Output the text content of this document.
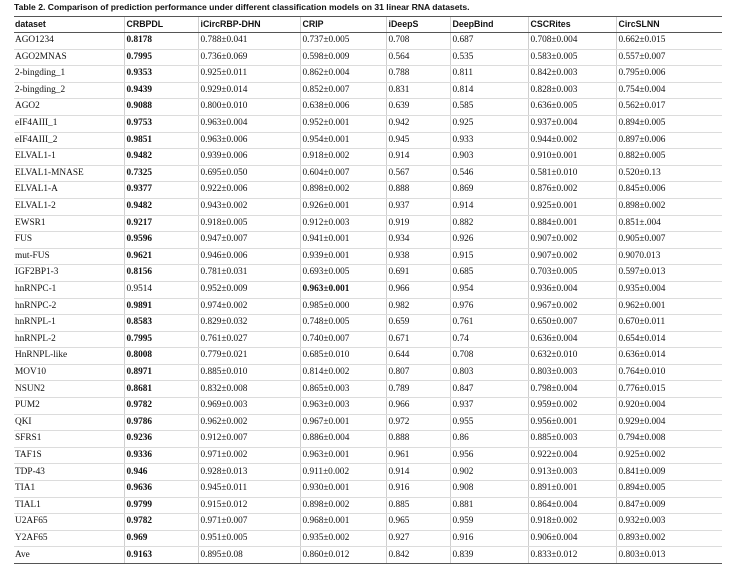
Table 2. Comparison of prediction performance under different classification models on 31 linear RNA datasets.
dataset	CRBPDL	iCircRBP-DHN	CRIP	iDeepS	DeepBind	CSCRites	CircSLNN
AGO1234	0.8178	0.788±0.041	0.737±0.005	0.708	0.687	0.708±0.004	0.662±0.015
AGO2MNAS	0.7995	0.736±0.069	0.598±0.009	0.564	0.535	0.583±0.005	0.557±0.007
2-bingding_1	0.9353	0.925±0.011	0.862±0.004	0.788	0.811	0.842±0.003	0.795±0.006
2-bingding_2	0.9439	0.929±0.014	0.852±0.007	0.831	0.814	0.828±0.003	0.754±0.004
AGO2	0.9088	0.800±0.010	0.638±0.006	0.639	0.585	0.636±0.005	0.562±0.017
eIF4AIII_1	0.9753	0.963±0.004	0.952±0.001	0.942	0.925	0.937±0.004	0.894±0.005
eIF4AIII_2	0.9851	0.963±0.006	0.954±0.001	0.945	0.933	0.944±0.002	0.897±0.006
ELVAL1-1	0.9482	0.939±0.006	0.918±0.002	0.914	0.903	0.910±0.001	0.882±0.005
ELVAL1-MNASE	0.7325	0.695±0.050	0.604±0.007	0.567	0.546	0.581±0.010	0.520±0.13
ELVAL1-A	0.9377	0.922±0.006	0.898±0.002	0.888	0.869	0.876±0.002	0.845±0.006
ELVAL1-2	0.9482	0.943±0.002	0.926±0.001	0.937	0.914	0.925±0.001	0.898±0.002
EWSR1	0.9217	0.918±0.005	0.912±0.003	0.919	0.882	0.884±0.001	0.851±.004
FUS	0.9596	0.947±0.007	0.941±0.001	0.934	0.926	0.907±0.002	0.905±0.007
mut-FUS	0.9621	0.946±0.006	0.939±0.001	0.938	0.915	0.907±0.002	0.9070.013
IGF2BP1-3	0.8156	0.781±0.031	0.693±0.005	0.691	0.685	0.703±0.005	0.597±0.013
hnRNPC-1	0.9514	0.952±0.009	0.963±0.001	0.966	0.954	0.936±0.004	0.935±0.004
hnRNPC-2	0.9891	0.974±0.002	0.985±0.000	0.982	0.976	0.967±0.002	0.962±0.001
hnRNPL-1	0.8583	0.829±0.032	0.748±0.005	0.659	0.761	0.650±0.007	0.670±0.011
hnRNPL-2	0.7995	0.761±0.027	0.740±0.007	0.671	0.74	0.636±0.004	0.654±0.014
HnRNPL-like	0.8008	0.779±0.021	0.685±0.010	0.644	0.708	0.632±0.010	0.636±0.014
MOV10	0.8971	0.885±0.010	0.814±0.002	0.807	0.803	0.803±0.003	0.764±0.010
NSUN2	0.8681	0.832±0.008	0.865±0.003	0.789	0.847	0.798±0.004	0.776±0.015
PUM2	0.9782	0.969±0.003	0.963±0.003	0.966	0.937	0.959±0.002	0.920±0.004
QKI	0.9786	0.962±0.002	0.967±0.001	0.972	0.955	0.956±0.001	0.929±0.004
SFRS1	0.9236	0.912±0.007	0.886±0.004	0.888	0.86	0.885±0.003	0.794±0.008
TAF1S	0.9336	0.971±0.002	0.963±0.001	0.961	0.956	0.922±0.004	0.925±0.002
TDP-43	0.946	0.928±0.013	0.911±0.002	0.914	0.902	0.913±0.003	0.841±0.009
TIA1	0.9636	0.945±0.011	0.930±0.001	0.916	0.908	0.891±0.001	0.894±0.005
TIAL1	0.9799	0.915±0.012	0.898±0.002	0.885	0.881	0.864±0.004	0.847±0.009
U2AF65	0.9782	0.971±0.007	0.968±0.001	0.965	0.959	0.918±0.002	0.932±0.003
Y2AF65	0.969	0.951±0.005	0.935±0.002	0.927	0.916	0.906±0.004	0.893±0.002
Ave	0.9163	0.895±0.08	0.860±0.012	0.842	0.839	0.833±0.012	0.803±0.013
